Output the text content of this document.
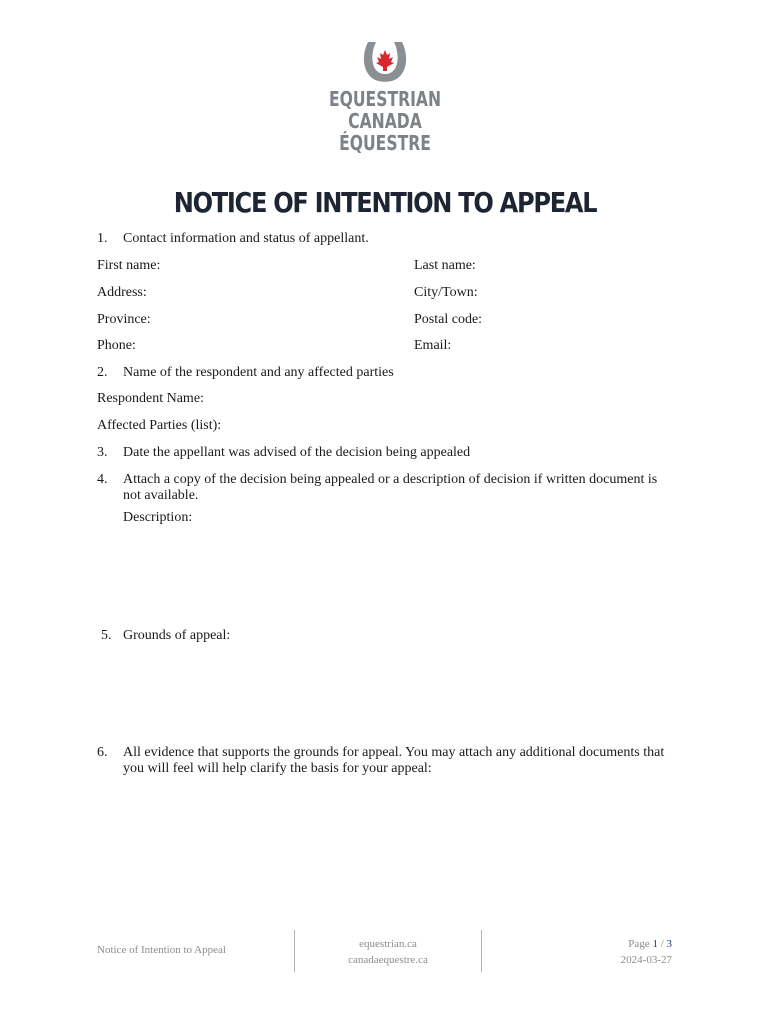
EQUESTRIAN
CANADA
ÉQUESTRE
NOTICE OF INTENTION TO APPEAL
1. Contact information and status of appellant.
First name:	Last name:
Address:	City/Town:
Province:	Postal code:
Phone:	Email:
2. Name of the respondent and any affected parties
Respondent Name:
Affected Parties (list):
3. Date the appellant was advised of the decision being appealed
4. Attach a copy of the decision being appealed or a description of decision if written document is not available.
Description:
5. Grounds of appeal:
6. All evidence that supports the grounds for appeal. You may attach any additional documents that you will feel will help clarify the basis for your appeal:
Notice of Intention to Appeal	equestrian.ca
canadaequestre.ca
Page 1 / 3
2024-03-27
